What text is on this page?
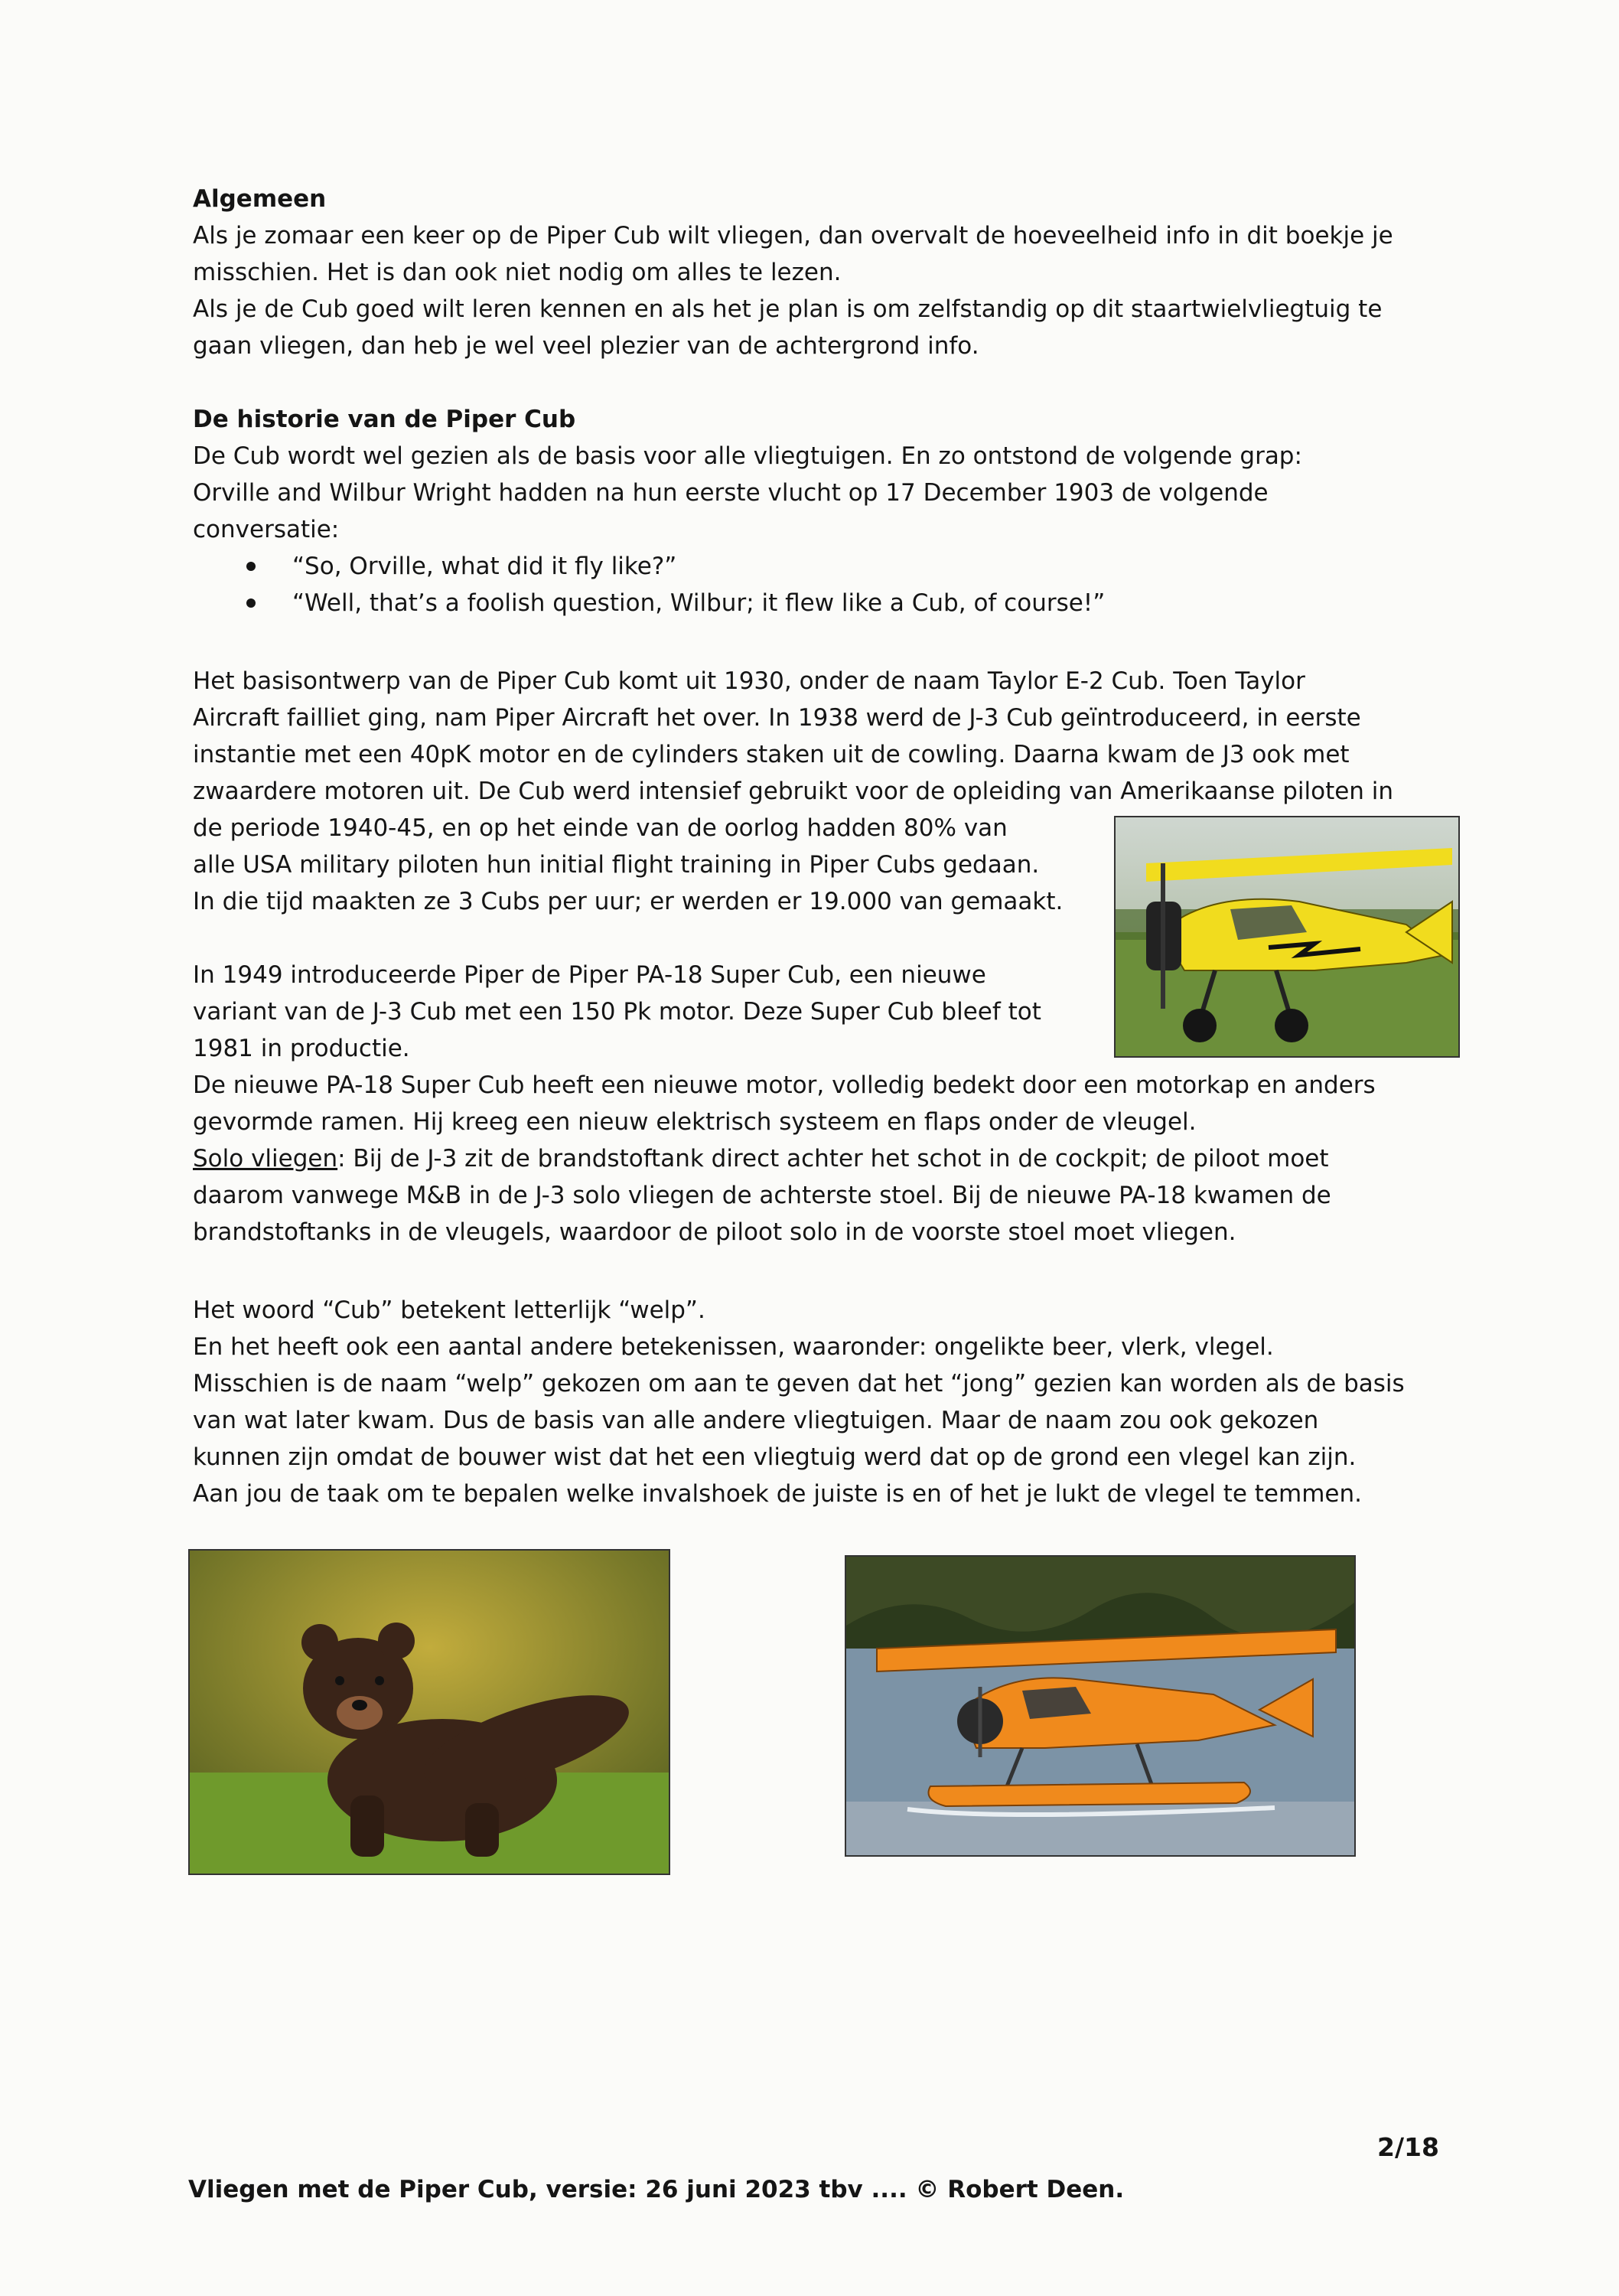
Algemeen

Als je zomaar een keer op de Piper Cub wilt vliegen, dan overvalt de hoeveelheid info in dit boekje je

misschien. Het is dan ook niet nodig om alles te lezen.

Als je de Cub goed wilt leren kennen en als het je plan is om zelfstandig op dit staartwielvliegtuig te

gaan vliegen, dan heb je wel veel plezier van de achtergrond info.

De historie van de Piper Cub

De Cub wordt wel gezien als de basis voor alle vliegtuigen. En zo ontstond de volgende grap:

Orville and Wilbur Wright hadden na hun eerste vlucht op 17 December 1903 de volgende

conversatie:

“So, Orville, what did it fly like?”
“Well, that’s a foolish question, Wilbur; it flew like a Cub, of course!”

Het basisontwerp van de Piper Cub komt uit 1930, onder de naam Taylor E-2 Cub. Toen Taylor

Aircraft failliet ging, nam Piper Aircraft het over. In 1938 werd de J-3 Cub geïntroduceerd, in eerste

instantie met een 40pK motor en de cylinders staken uit de cowling. Daarna kwam de J3 ook met

zwaardere motoren uit. De Cub werd intensief gebruikt voor de opleiding van Amerikaanse piloten in

de periode 1940-45, en op het einde van de oorlog hadden 80% van

alle USA military piloten hun initial flight training in Piper Cubs gedaan.

In die tijd maakten ze 3 Cubs per uur; er werden er 19.000 van gemaakt.

In 1949 introduceerde Piper de Piper PA-18 Super Cub, een nieuwe

variant van de J-3 Cub met een 150 Pk motor. Deze Super Cub bleef tot

1981 in productie.

De nieuwe PA-18 Super Cub heeft een nieuwe motor, volledig bedekt door een motorkap en anders

gevormde ramen. Hij kreeg een nieuw elektrisch systeem en flaps onder de vleugel.

Solo vliegen: Bij de J-3 zit de brandstoftank direct achter het schot in de cockpit; de piloot moet

daarom vanwege M&B in de J-3 solo vliegen de achterste stoel. Bij de nieuwe PA-18 kwamen de

brandstoftanks in de vleugels, waardoor de piloot solo in de voorste stoel moet vliegen.

Het woord “Cub” betekent letterlijk “welp”.

En het heeft ook een aantal andere betekenissen, waaronder: ongelikte beer, vlerk, vlegel.

Misschien is de naam “welp” gekozen om aan te geven dat het “jong” gezien kan worden als de basis

van wat later kwam. Dus de basis van alle andere vliegtuigen. Maar de naam zou ook gekozen

kunnen zijn omdat de bouwer wist dat het een vliegtuig werd dat op de grond een vlegel kan zijn.

Aan jou de taak om te bepalen welke invalshoek de juiste is en of het je lukt de vlegel te temmen.

2/18
Vliegen met de Piper Cub, versie: 26 juni 2023 tbv .... © Robert Deen.
